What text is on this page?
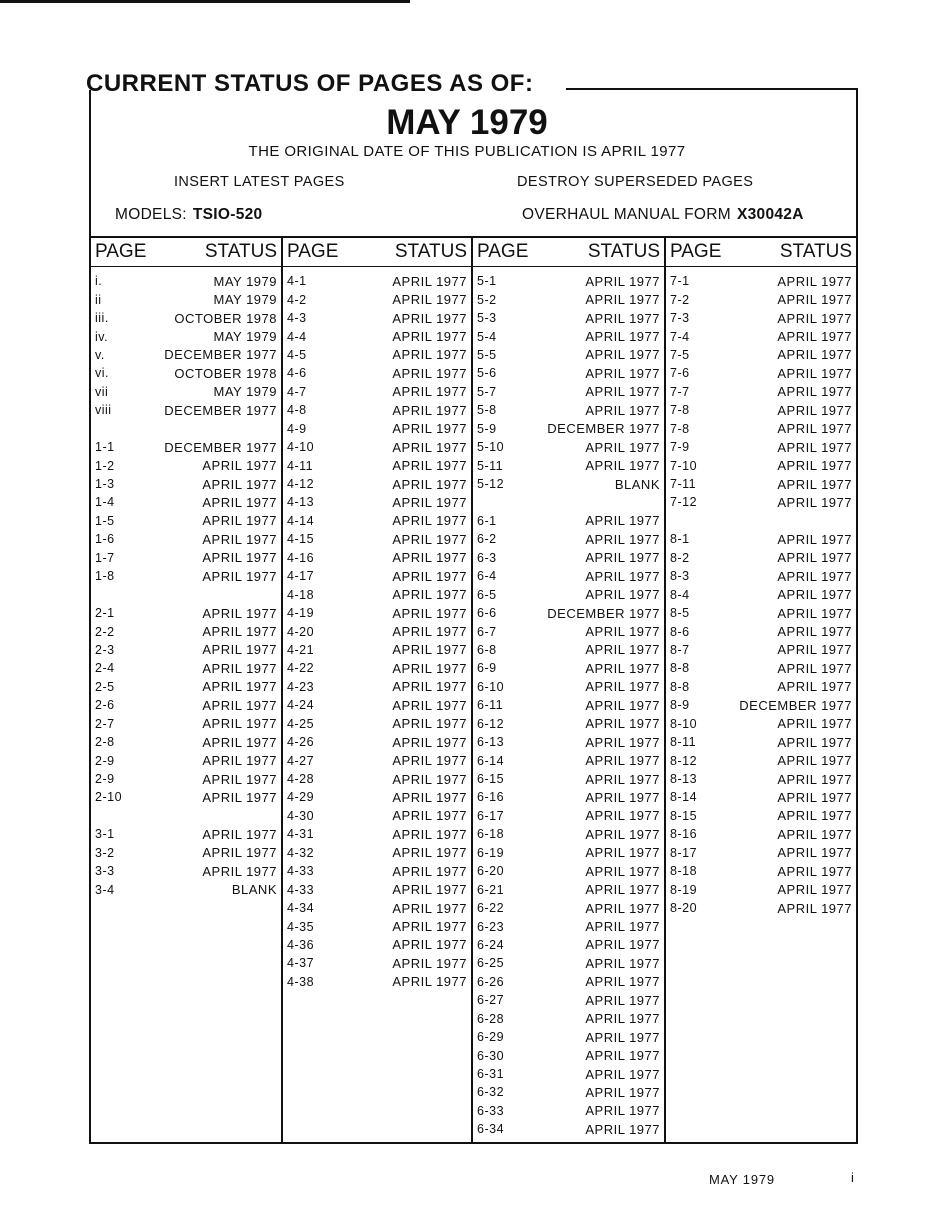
CURRENT STATUS OF PAGES AS OF:
MAY 1979
THE ORIGINAL DATE OF THIS PUBLICATION IS APRIL 1977
INSERT LATEST PAGES	DESTROY SUPERSEDED PAGES
MODELS: TSIO-520	OVERHAUL MANUAL FORM X30042A
PAGE	STATUS
i.	MAY 1979
ii	MAY 1979
iii.	OCTOBER 1978
iv.	MAY 1979
v.	DECEMBER 1977
vi.	OCTOBER 1978
vii	MAY 1979
viii	DECEMBER 1977
1-1	DECEMBER 1977
1-2	APRIL 1977
1-3	APRIL 1977
1-4	APRIL 1977
1-5	APRIL 1977
1-6	APRIL 1977
1-7	APRIL 1977
1-8	APRIL 1977
2-1	APRIL 1977
2-2	APRIL 1977
2-3	APRIL 1977
2-4	APRIL 1977
2-5	APRIL 1977
2-6	APRIL 1977
2-7	APRIL 1977
2-8	APRIL 1977
2-9	APRIL 1977
2-9	APRIL 1977
2-10	APRIL 1977
3-1	APRIL 1977
3-2	APRIL 1977
3-3	APRIL 1977
3-4	BLANK
PAGE	STATUS
4-1	APRIL 1977
4-2	APRIL 1977
4-3	APRIL 1977
4-4	APRIL 1977
4-5	APRIL 1977
4-6	APRIL 1977
4-7	APRIL 1977
4-8	APRIL 1977
4-9	APRIL 1977
4-10	APRIL 1977
4-11	APRIL 1977
4-12	APRIL 1977
4-13	APRIL 1977
4-14	APRIL 1977
4-15	APRIL 1977
4-16	APRIL 1977
4-17	APRIL 1977
4-18	APRIL 1977
4-19	APRIL 1977
4-20	APRIL 1977
4-21	APRIL 1977
4-22	APRIL 1977
4-23	APRIL 1977
4-24	APRIL 1977
4-25	APRIL 1977
4-26	APRIL 1977
4-27	APRIL 1977
4-28	APRIL 1977
4-29	APRIL 1977
4-30	APRIL 1977
4-31	APRIL 1977
4-32	APRIL 1977
4-33	APRIL 1977
4-33	APRIL 1977
4-34	APRIL 1977
4-35	APRIL 1977
4-36	APRIL 1977
4-37	APRIL 1977
4-38	APRIL 1977
PAGE	STATUS
5-1	APRIL 1977
5-2	APRIL 1977
5-3	APRIL 1977
5-4	APRIL 1977
5-5	APRIL 1977
5-6	APRIL 1977
5-7	APRIL 1977
5-8	APRIL 1977
5-9	DECEMBER 1977
5-10	APRIL 1977
5-11	APRIL 1977
5-12	BLANK
6-1	APRIL 1977
6-2	APRIL 1977
6-3	APRIL 1977
6-4	APRIL 1977
6-5	APRIL 1977
6-6	DECEMBER 1977
6-7	APRIL 1977
6-8	APRIL 1977
6-9	APRIL 1977
6-10	APRIL 1977
6-11	APRIL 1977
6-12	APRIL 1977
6-13	APRIL 1977
6-14	APRIL 1977
6-15	APRIL 1977
6-16	APRIL 1977
6-17	APRIL 1977
6-18	APRIL 1977
6-19	APRIL 1977
6-20	APRIL 1977
6-21	APRIL 1977
6-22	APRIL 1977
6-23	APRIL 1977
6-24	APRIL 1977
6-25	APRIL 1977
6-26	APRIL 1977
6-27	APRIL 1977
6-28	APRIL 1977
6-29	APRIL 1977
6-30	APRIL 1977
6-31	APRIL 1977
6-32	APRIL 1977
6-33	APRIL 1977
6-34	APRIL 1977
PAGE	STATUS
7-1	APRIL 1977
7-2	APRIL 1977
7-3	APRIL 1977
7-4	APRIL 1977
7-5	APRIL 1977
7-6	APRIL 1977
7-7	APRIL 1977
7-8	APRIL 1977
7-8	APRIL 1977
7-9	APRIL 1977
7-10	APRIL 1977
7-11	APRIL 1977
7-12	APRIL 1977
8-1	APRIL 1977
8-2	APRIL 1977
8-3	APRIL 1977
8-4	APRIL 1977
8-5	APRIL 1977
8-6	APRIL 1977
8-7	APRIL 1977
8-8	APRIL 1977
8-8	APRIL 1977
8-9	DECEMBER 1977
8-10	APRIL 1977
8-11	APRIL 1977
8-12	APRIL 1977
8-13	APRIL 1977
8-14	APRIL 1977
8-15	APRIL 1977
8-16	APRIL 1977
8-17	APRIL 1977
8-18	APRIL 1977
8-19	APRIL 1977
8-20	APRIL 1977
MAY 1979	i
